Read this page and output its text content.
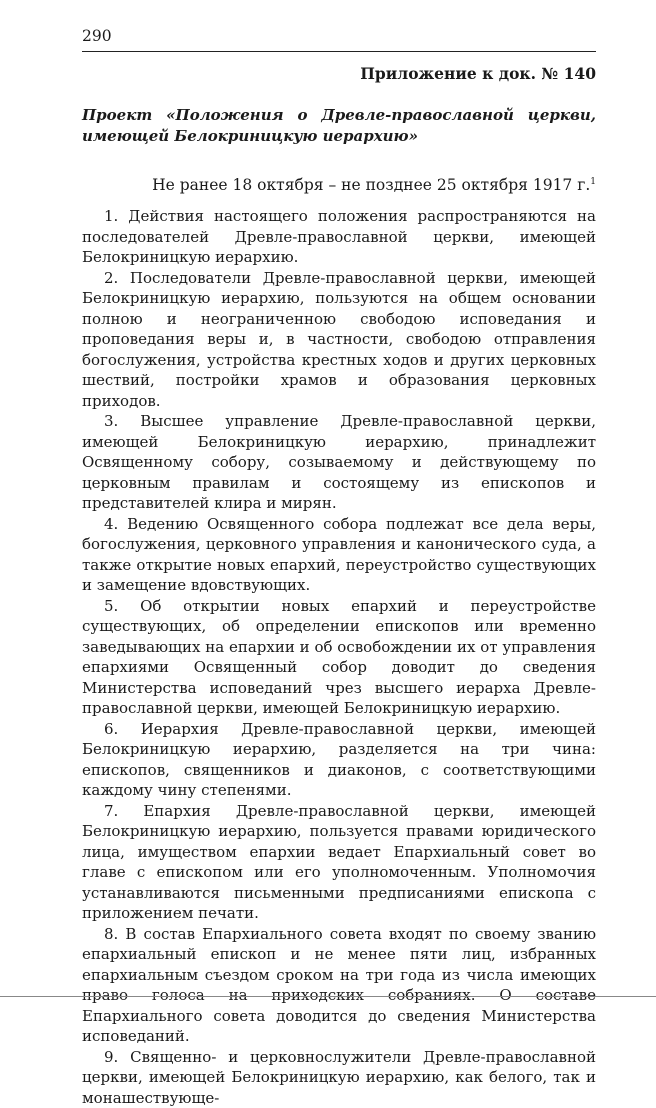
290
Приложение к док. № 140
Проект «Положения о Древле-православной церкви, имеющей Белокриницкую иерархию»
Не ранее 18 октября – не позднее 25 октября 1917 г.$^1$

1. Действия настоящего положения распространяются на последователей Древле-православной церкви, имеющей Белокриницкую иерархию.

2. Последователи Древле-православной церкви, имеющей Белокриницкую иерархию, пользуются на общем основании полною и неограниченною свободою исповедания и проповедания веры и, в частности, свободою отправления богослужения, устройства крестных ходов и других церковных шествий, постройки храмов и образования церковных приходов.

3. Высшее управление Древле-православной церкви, имеющей Белокриницкую иерархию, принадлежит Освященному собору, созываемому и действующему по церковным правилам и состоящему из епископов и представителей клира и мирян.

4. Ведению Освященного собора подлежат все дела веры, богослужения, церковного управления и канонического суда, а также открытие новых епархий, переустройство существующих и замещение вдовствующих.

5. Об открытии новых епархий и переустройстве существующих, об определении епископов или временно заведывающих на епархии и об освобождении их от управления епархиями Освященный собор доводит до сведения Министерства исповеданий чрез высшего иерарха Древле-православной церкви, имеющей Белокриницкую иерархию.

6. Иерархия Древле-православной церкви, имеющей Белокриницкую иерархию, разделяется на три чина: епископов, священников и диаконов, с соответствующими каждому чину степенями.

7. Епархия Древле-православной церкви, имеющей Белокриницкую иерархию, пользуется правами юридического лица, имуществом епархии ведает Епархиальный совет во главе с епископом или его уполномоченным. Уполномочия устанавливаются письменными предписаниями епископа с приложением печати.

8. В состав Епархиального совета входят по своему званию епархиальный епископ и не менее пяти лиц, избранных епархиальным съездом сроком на три года из числа имеющих право голоса на приходских собраниях. О составе Епархиального совета доводится до сведения Министерства исповеданий.

9. Священно- и церковнослужители Древле-православной церкви, имеющей Белокриницкую иерархию, как белого, так и монашествующе-
